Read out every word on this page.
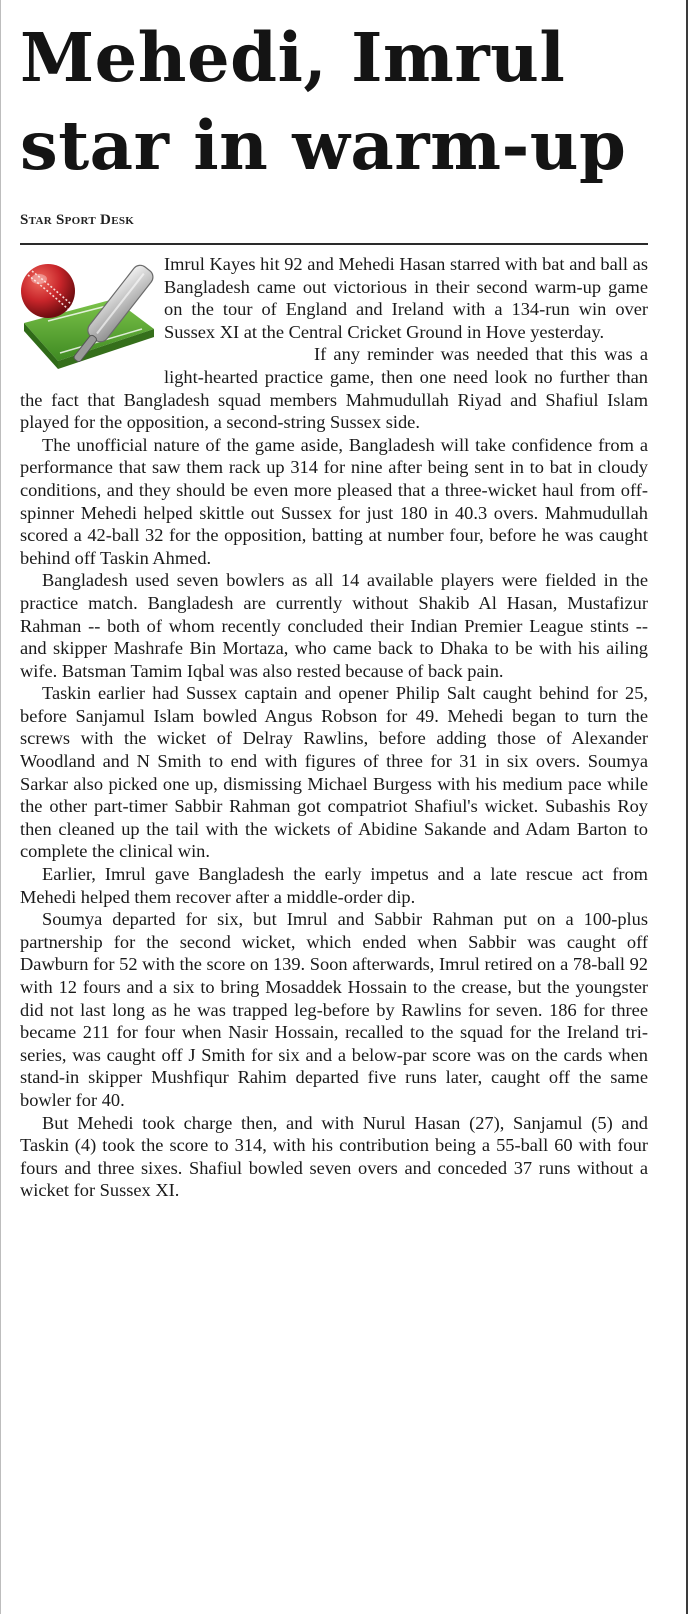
Mehedi, Imrul
star in warm-up
Star Sport Desk

Imrul Kayes hit 92 and Mehedi Hasan starred with bat and ball as Bangladesh came out victorious in their second warm-up game on the tour of England and Ireland with a 134-run win over Sussex XI at the Central Cricket Ground in Hove yesterday.

If any reminder was needed that this was a light-hearted practice game, then one need look no further than the fact that Bangladesh squad members Mahmudullah Riyad and Shafiul Islam played for the opposition, a second-string Sussex side.

The unofficial nature of the game aside, Bangladesh will take confidence from a performance that saw them rack up 314 for nine after being sent in to bat in cloudy conditions, and they should be even more pleased that a three-wicket haul from off-spinner Mehedi helped skittle out Sussex for just 180 in 40.3 overs. Mahmudullah scored a 42-ball 32 for the opposition, batting at number four, before he was caught behind off Taskin Ahmed.

Bangladesh used seven bowlers as all 14 available players were fielded in the practice match. Bangladesh are currently without Shakib Al Hasan, Mustafizur Rahman -- both of whom recently concluded their Indian Premier League stints -- and skipper Mashrafe Bin Mortaza, who came back to Dhaka to be with his ailing wife. Batsman Tamim Iqbal was also rested because of back pain.

Taskin earlier had Sussex captain and opener Philip Salt caught behind for 25, before Sanjamul Islam bowled Angus Robson for 49. Mehedi began to turn the screws with the wicket of Delray Rawlins, before adding those of Alexander Woodland and N Smith to end with figures of three for 31 in six overs. Soumya Sarkar also picked one up, dismissing Michael Burgess with his medium pace while the other part-timer Sabbir Rahman got compatriot Shafiul's wicket. Subashis Roy then cleaned up the tail with the wickets of Abidine Sakande and Adam Barton to complete the clinical win.

Earlier, Imrul gave Bangladesh the early impetus and a late rescue act from Mehedi helped them recover after a middle-order dip.

Soumya departed for six, but Imrul and Sabbir Rahman put on a 100-plus partnership for the second wicket, which ended when Sabbir was caught off Dawburn for 52 with the score on 139. Soon afterwards, Imrul retired on a 78-ball 92 with 12 fours and a six to bring Mosaddek Hossain to the crease, but the youngster did not last long as he was trapped leg-before by Rawlins for seven. 186 for three became 211 for four when Nasir Hossain, recalled to the squad for the Ireland tri-series, was caught off J Smith for six and a below-par score was on the cards when stand-in skipper Mushfiqur Rahim departed five runs later, caught off the same bowler for 40.

But Mehedi took charge then, and with Nurul Hasan (27), Sanjamul (5) and Taskin (4) took the score to 314, with his contribution being a 55-ball 60 with four fours and three sixes. Shafiul bowled seven overs and conceded 37 runs without a wicket for Sussex XI.
